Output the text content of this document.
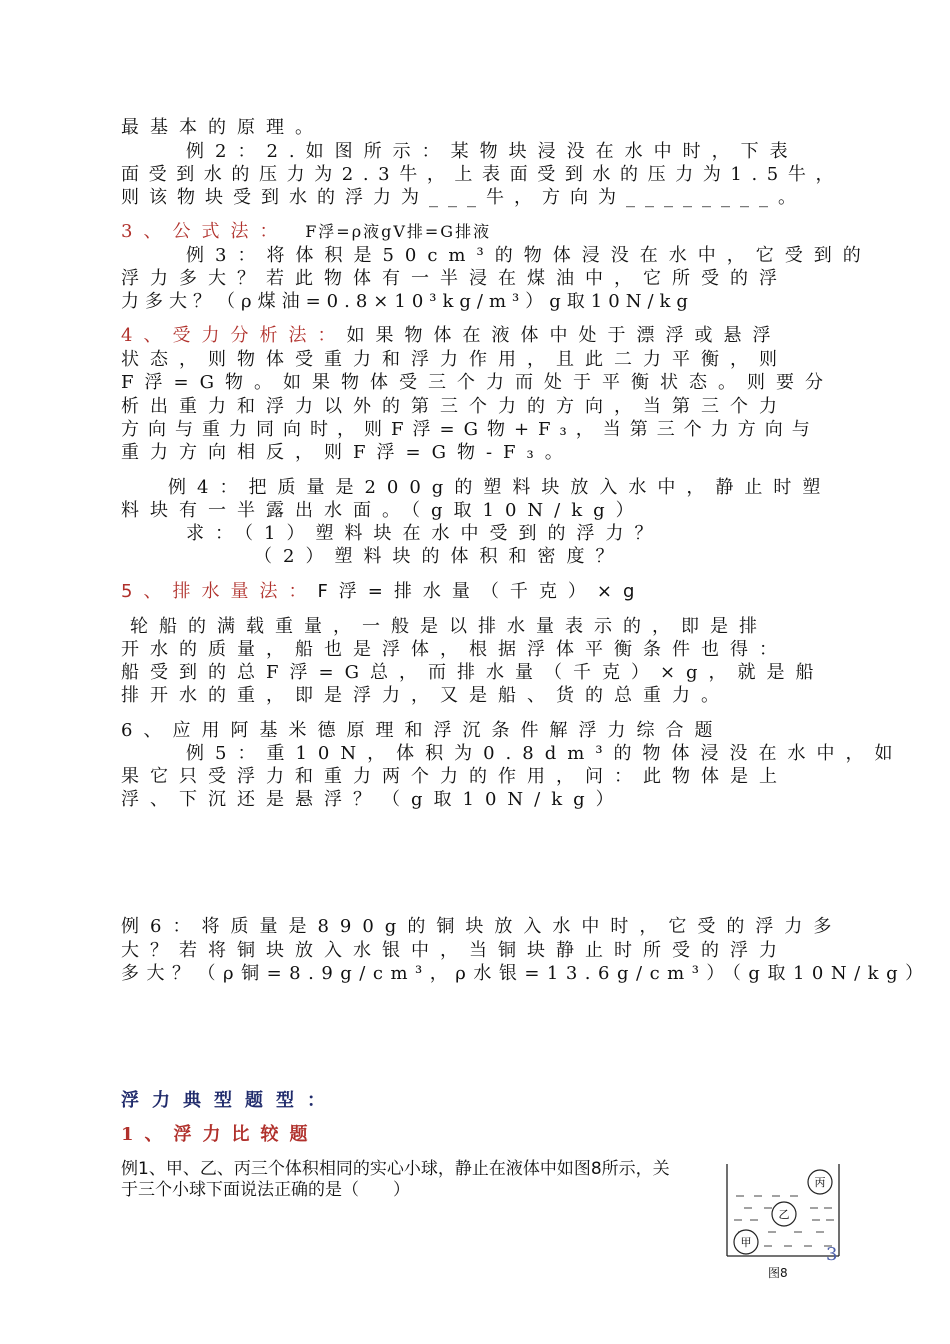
最基本的原理。
例2：2.如图所示：某物块浸没在水中时，下表
面受到水的压力为2.3牛，上表面受到水的压力为1.5牛，
则该物块受到水的浮力为___牛，方向为________。
3、公式法： F浮=ρ液gV排=G排液
例3：将体积是50cm³的物体浸没在水中，它受到的
浮力多大？若此物体有一半浸在煤油中，它所受的浮
力多大？（ρ煤油=0.8×10³kg/m³）g取10N/kg
4、受力分析法：如果物体在液体中处于漂浮或悬浮
状态，则物体受重力和浮力作用，且此二力平衡，则
F浮=G物。如果物体受三个力而处于平衡状态。则要分
析出重力和浮力以外的第三个力的方向，当第三个力
方向与重力同向时，则F浮=G物+F₃，当第三个力方向与
重力方向相反，则F浮=G物-F₃。
例4：把质量是200g的塑料块放入水中，静止时塑
料块有一半露出水面。（g取10N/kg）
求：（1）塑料块在水中受到的浮力？
（2）塑料块的体积和密度？
5、排水量法：F浮=排水量（千克）×g
轮船的满载重量，一般是以排水量表示的，即是排
开水的质量，船也是浮体，根据浮体平衡条件也得：
船受到的总F浮=G总，而排水量（千克）×g，就是船
排开水的重，即是浮力，又是船、货的总重力。
6、应用阿基米德原理和浮沉条件解浮力综合题
例5：重10N，体积为0.8dm³的物体浸没在水中，如
果它只受浮力和重力两个力的作用，问：此物体是上
浮、下沉还是悬浮？（g取10N/kg）
例6：将质量是890g的铜块放入水中时，它受的浮力多
大？若将铜块放入水银中，当铜块静止时所受的浮力
多大？（ρ铜=8.9g/cm³，ρ水银=13.6g/cm³）（g取10N/kg）
浮力典型题型：
1、浮力比较题
例1、甲、乙、丙三个体积相同的实心小球，静止在液体中如图8所示，关
于三个小球下面说法正确的是（　　）	丙
乙
甲
图8
3
